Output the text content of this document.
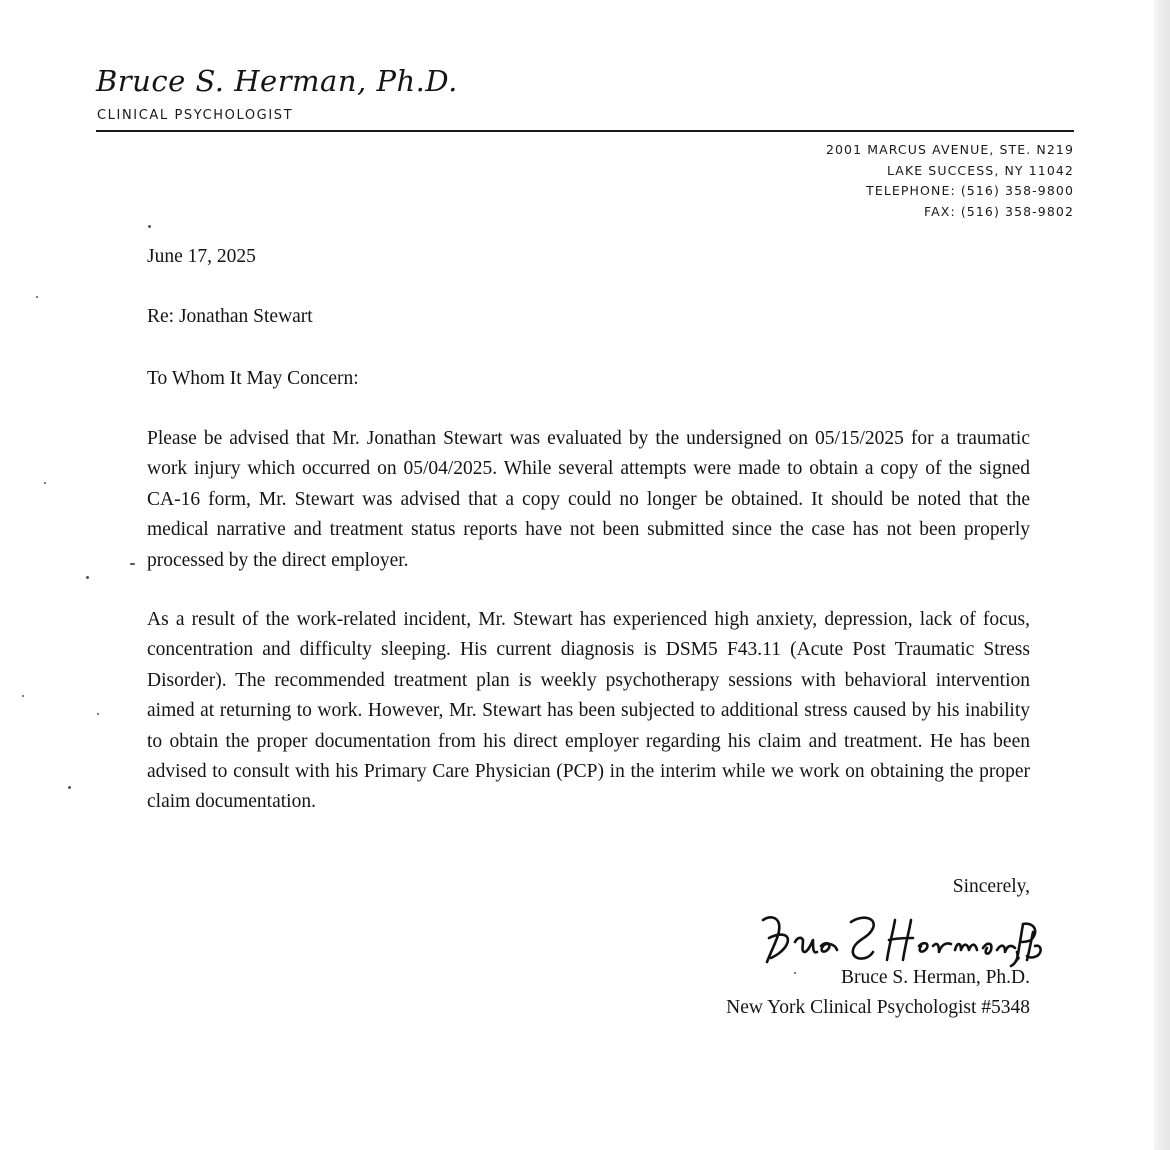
Bruce S. Herman, Ph.D.
CLINICAL PSYCHOLOGIST
2001 MARCUS AVENUE, STE. N219
LAKE SUCCESS, NY 11042
TELEPHONE: (516) 358-9800
FAX: (516) 358-9802
June 17, 2025
Re: Jonathan Stewart
To Whom It May Concern:
Please be advised that Mr. Jonathan Stewart was evaluated by the undersigned on 05/15/2025 for a traumatic work injury which occurred on 05/04/2025. While several attempts were made to obtain a copy of the signed CA-16 form, Mr. Stewart was advised that a copy could no longer be obtained. It should be noted that the medical narrative and treatment status reports have not been submitted since the case has not been properly processed by the direct employer.
As a result of the work-related incident, Mr. Stewart has experienced high anxiety, depression, lack of focus, concentration and difficulty sleeping. His current diagnosis is DSM5 F43.11 (Acute Post Traumatic Stress Disorder). The recommended treatment plan is weekly psychotherapy sessions with behavioral intervention aimed at returning to work. However, Mr. Stewart has been subjected to additional stress caused by his inability to obtain the proper documentation from his direct employer regarding his claim and treatment. He has been advised to consult with his Primary Care Physician (PCP) in the interim while we work on obtaining the proper claim documentation.
Sincerely,
Bruce S. Herman, Ph.D.
New York Clinical Psychologist #5348
